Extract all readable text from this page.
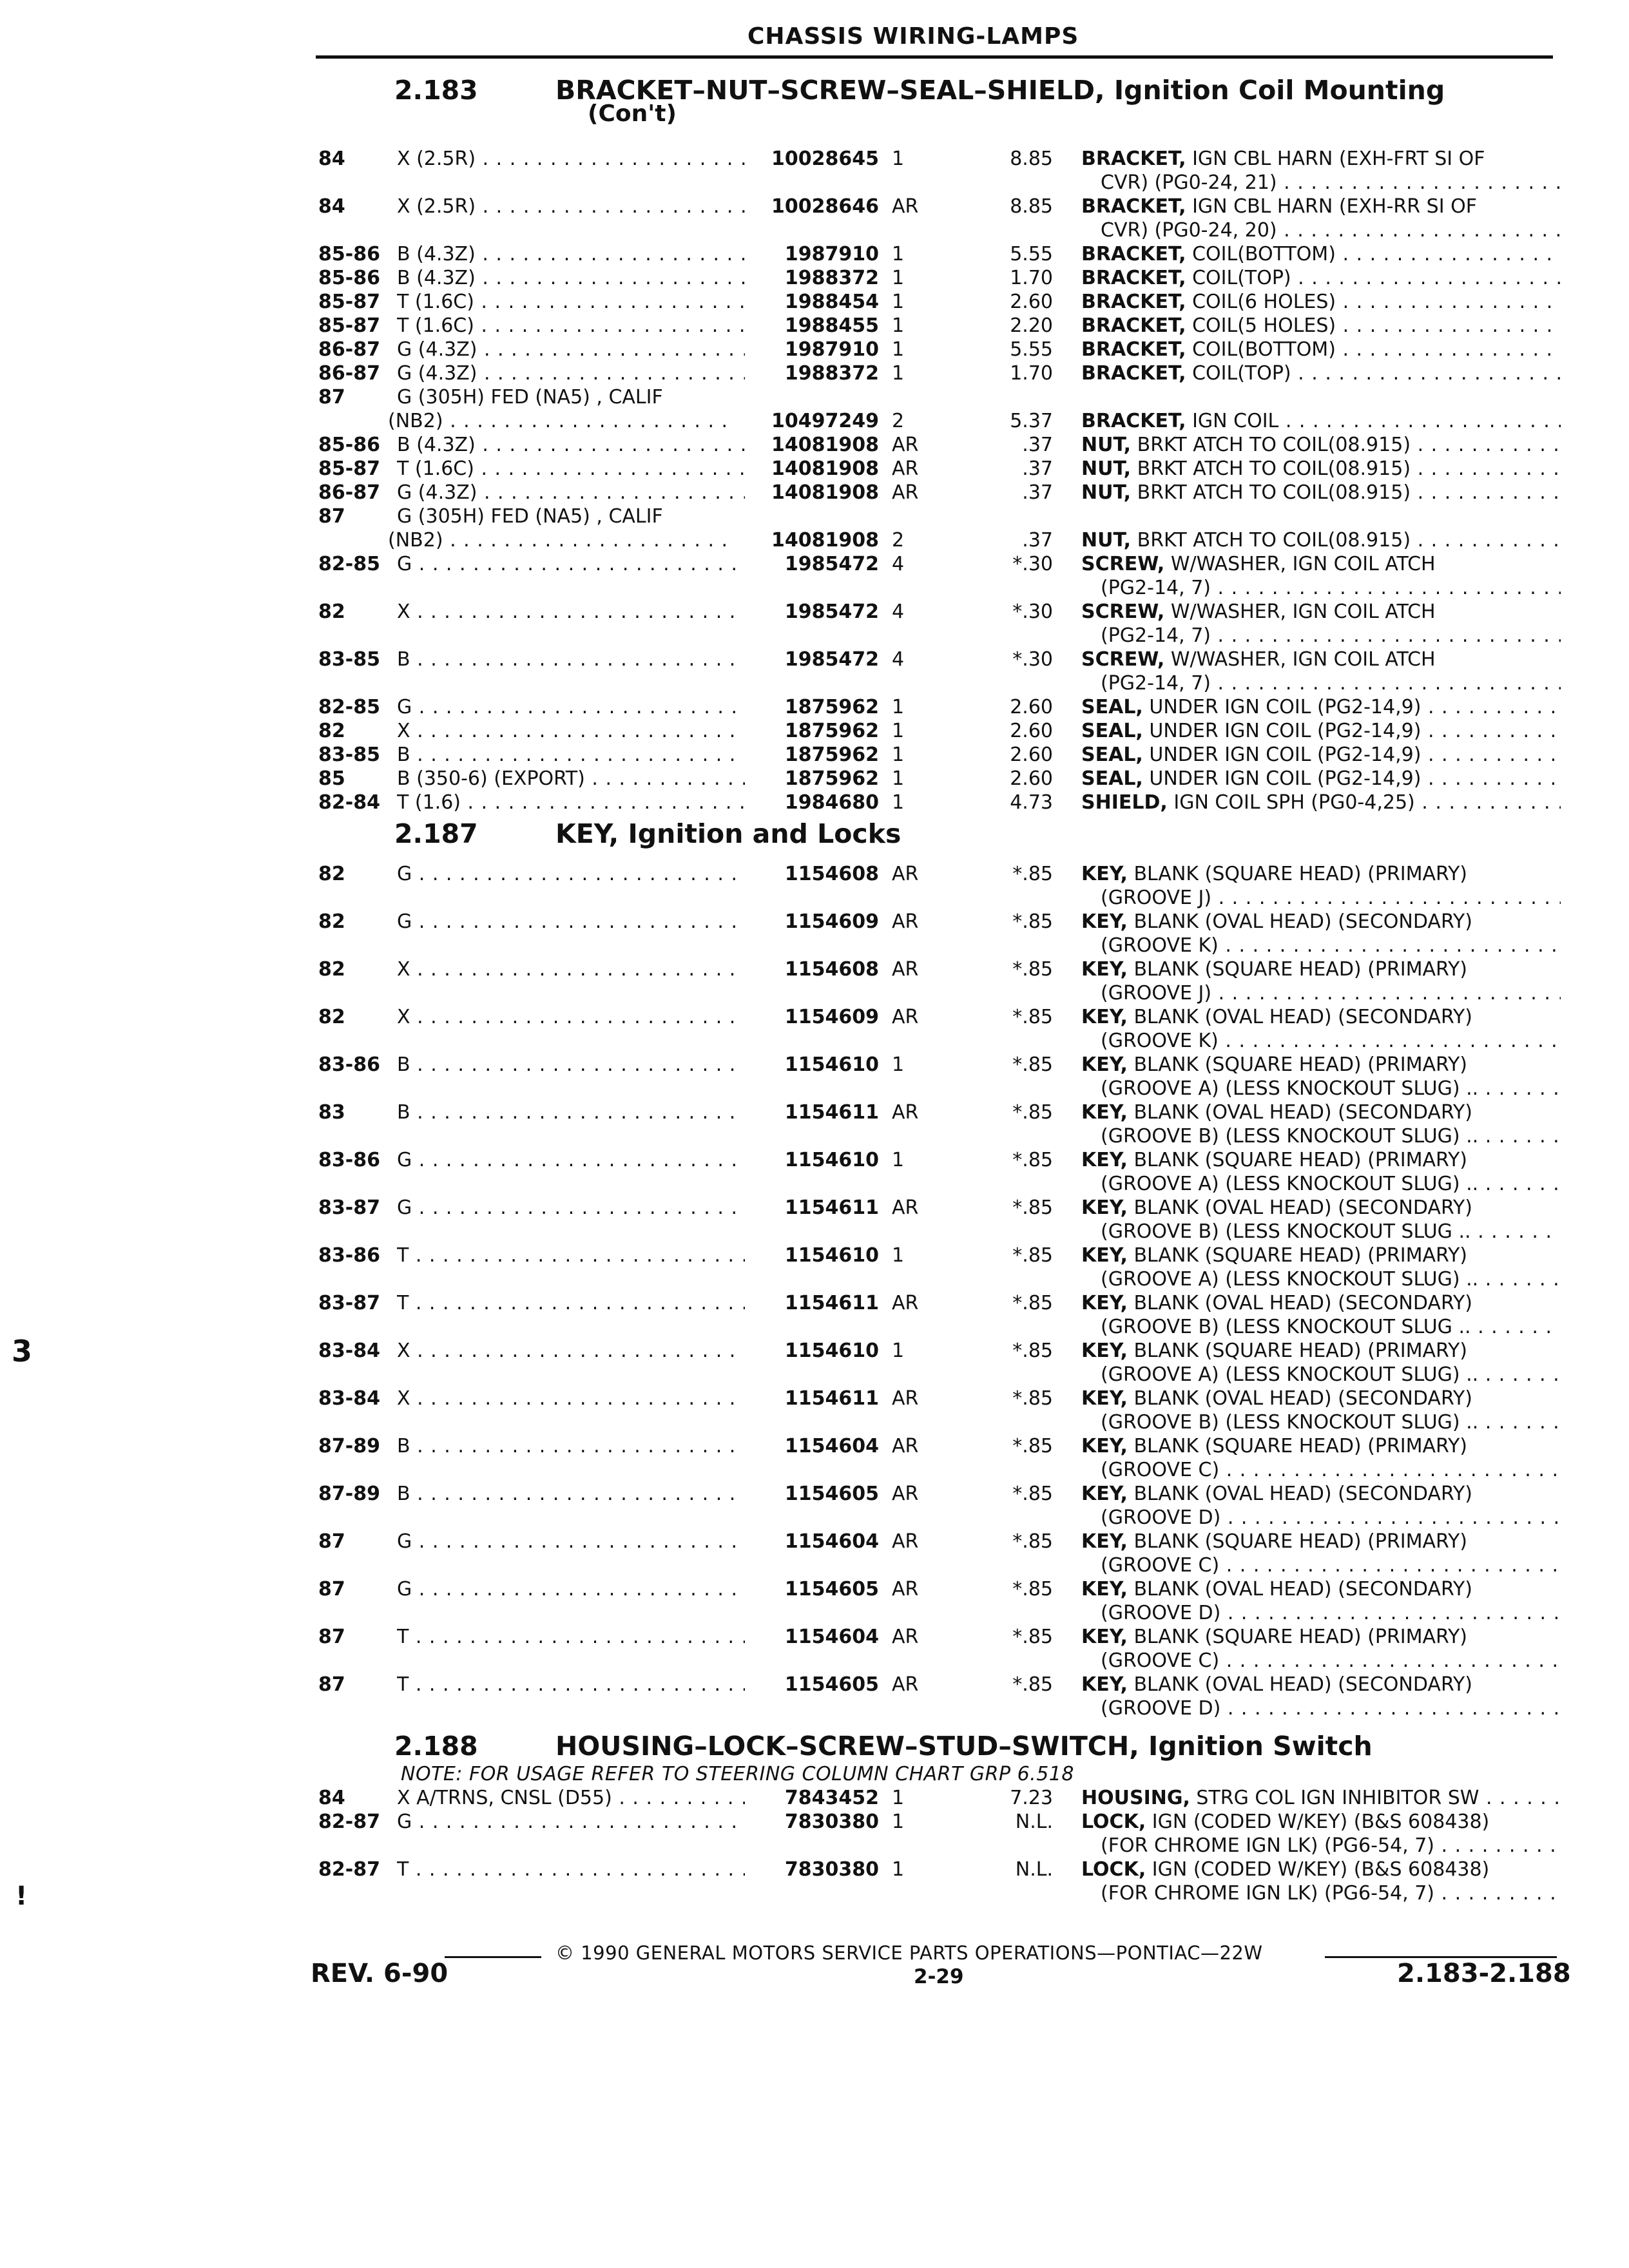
CHASSIS WIRING-LAMPS
2.183	BRACKET–NUT–SCREW–SEAL–SHIELD, Ignition Coil Mounting
(Con't)
84	X (2.5R) . . .	10028645 1	8.85 BRACKET, IGN CBL HARN (EXH-FRT SI OF
CVR) (PG0-24, 21) . . .
84	X (2.5R) . . .	10028646 AR	8.85 BRACKET, IGN CBL HARN (EXH-RR SI OF
CVR) (PG0-24, 20) . . .
85-86 B (4.3Z) . . .	1987910 1	5.55 BRACKET, COIL(BOTTOM) . . .
85-86 B (4.3Z) . . .	1988372 1	1.70 BRACKET, COIL(TOP) . . .
85-87 T (1.6C) . . .	1988454 1	2.60 BRACKET, COIL(6 HOLES) . . .
85-87 T (1.6C) . . .	1988455 1	2.20 BRACKET, COIL(5 HOLES) . . .
86-87 G (4.3Z) . . .	1987910 1	5.55 BRACKET, COIL(BOTTOM) . . .
86-87 G (4.3Z) . . .	1988372 1	1.70 BRACKET, COIL(TOP) . . .
87	G (305H) FED (NA5) , CALIF
(NB2) . . .	10497249 2	5.37 BRACKET, IGN COIL . . .
85-86 B (4.3Z) . . .	14081908 AR	.37 NUT, BRKT ATCH TO COIL(08.915) . . .
85-87 T (1.6C) . . .	14081908 AR	.37 NUT, BRKT ATCH TO COIL(08.915) . . .
86-87 G (4.3Z) . . .	14081908 AR	.37 NUT, BRKT ATCH TO COIL(08.915) . . .
87	G (305H) FED (NA5) , CALIF
(NB2) . . .	14081908 2	.37 NUT, BRKT ATCH TO COIL(08.915) . . .
82-85 G . . .	1985472 4	*.30 SCREW, W/WASHER, IGN COIL ATCH
(PG2-14, 7) . . .
82	X . . .	1985472 4	*.30 SCREW, W/WASHER, IGN COIL ATCH
(PG2-14, 7) . . .
83-85 B . . .	1985472 4	*.30 SCREW, W/WASHER, IGN COIL ATCH
(PG2-14, 7) . . .
82-85 G . . .	1875962 1	2.60 SEAL, UNDER IGN COIL (PG2-14,9) . . .
82	X . . .	1875962 1	2.60 SEAL, UNDER IGN COIL (PG2-14,9) . . .
83-85 B . . .	1875962 1	2.60 SEAL, UNDER IGN COIL (PG2-14,9) . . .
85	B (350-6) (EXPORT) . . .	1875962 1	2.60 SEAL, UNDER IGN COIL (PG2-14,9) . . .
82-84 T (1.6) . . .	1984680 1	4.73 SHIELD, IGN COIL SPH (PG0-4,25) . . .
2.187	KEY, Ignition and Locks
82	G . . .	1154608 AR	*.85 KEY, BLANK (SQUARE HEAD) (PRIMARY)
(GROOVE J) . . .
82	G . . .	1154609 AR	*.85 KEY, BLANK (OVAL HEAD) (SECONDARY)
(GROOVE K) . . .
82	X . . .	1154608 AR	*.85 KEY, BLANK (SQUARE HEAD) (PRIMARY)
(GROOVE J) . . .
82	X . . .	1154609 AR	*.85 KEY, BLANK (OVAL HEAD) (SECONDARY)
(GROOVE K) . . .
83-86 B . . .	1154610 1	*.85 KEY, BLANK (SQUARE HEAD) (PRIMARY)
(GROOVE A) (LESS KNOCKOUT SLUG) .. . . .
83	B . . .	1154611 AR	*.85 KEY, BLANK (OVAL HEAD) (SECONDARY)
(GROOVE B) (LESS KNOCKOUT SLUG) .. . . .
83-86 G . . .	1154610 1	*.85 KEY, BLANK (SQUARE HEAD) (PRIMARY)
(GROOVE A) (LESS KNOCKOUT SLUG) .. . . .
83-87 G . . .	1154611 AR	*.85 KEY, BLANK (OVAL HEAD) (SECONDARY)
(GROOVE B) (LESS KNOCKOUT SLUG .. . . .
83-86 T . . .	1154610 1	*.85 KEY, BLANK (SQUARE HEAD) (PRIMARY)
(GROOVE A) (LESS KNOCKOUT SLUG) .. . . .
83-87 T . . .	1154611 AR	*.85 KEY, BLANK (OVAL HEAD) (SECONDARY)
(GROOVE B) (LESS KNOCKOUT SLUG .. . . .
83-84 X . . .	1154610 1	*.85 KEY, BLANK (SQUARE HEAD) (PRIMARY)
(GROOVE A) (LESS KNOCKOUT SLUG) .. . . .
83-84 X . . .	1154611 AR	*.85 KEY, BLANK (OVAL HEAD) (SECONDARY)
(GROOVE B) (LESS KNOCKOUT SLUG) .. . . .
87-89 B . . .	1154604 AR	*.85 KEY, BLANK (SQUARE HEAD) (PRIMARY)
(GROOVE C) . . .
87-89 B . . .	1154605 AR	*.85 KEY, BLANK (OVAL HEAD) (SECONDARY)
(GROOVE D) . . .
87	G . . .	1154604 AR	*.85 KEY, BLANK (SQUARE HEAD) (PRIMARY)
(GROOVE C) . . .
87	G . . .	1154605 AR	*.85 KEY, BLANK (OVAL HEAD) (SECONDARY)
(GROOVE D) . . .
87	T . . .	1154604 AR	*.85 KEY, BLANK (SQUARE HEAD) (PRIMARY)
(GROOVE C) . . .
87	T . . .	1154605 AR	*.85 KEY, BLANK (OVAL HEAD) (SECONDARY)
(GROOVE D) . . .
2.188	HOUSING–LOCK–SCREW–STUD–SWITCH, Ignition Switch
NOTE: FOR USAGE REFER TO STEERING COLUMN CHART GRP 6.518
84	X A/TRNS, CNSL (D55) . . .	7843452 1	7.23 HOUSING, STRG COL IGN INHIBITOR SW . . .
82-87 G . . .	7830380 1	N.L. LOCK, IGN (CODED W/KEY) (B&S 608438)
(FOR CHROME IGN LK) (PG6-54, 7) . . .
82-87 T . . .	7830380 1	N.L. LOCK, IGN (CODED W/KEY) (B&S 608438)
(FOR CHROME IGN LK) (PG6-54, 7) . . .
3
!
© 1990 GENERAL MOTORS SERVICE PARTS OPERATIONS—PONTIAC—22W
REV. 6-90	2-29	2.183-2.188
